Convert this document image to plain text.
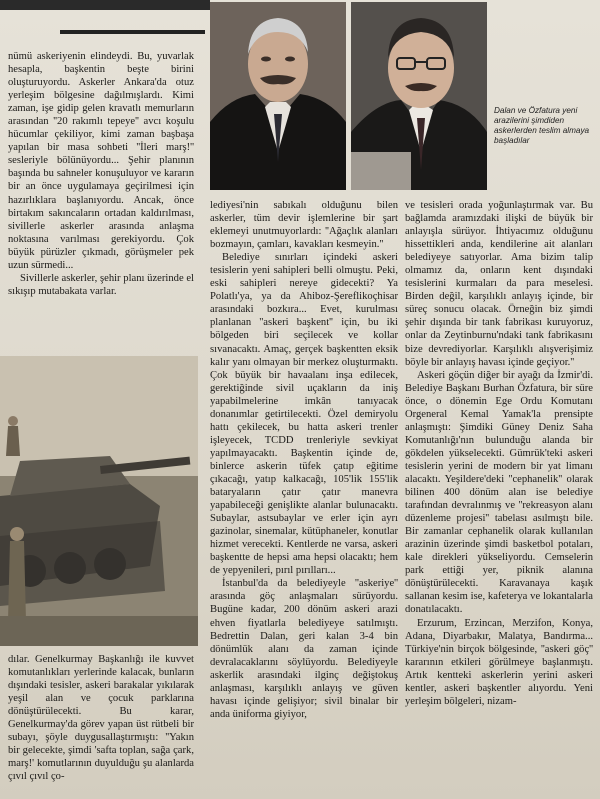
Dalan ve Özfatura yeni arazilerini şimdiden askerlerden teslim almaya başladılar

nümü askeriyenin elindeydi. Bu, yuvarlak hesapla, başkentin beşte birini oluşturuyordu. Askerler Ankara'da otuz yerleşim bölgesine dağılmışlardı. Kimi zaman, işe gidip gelen kravatlı memurların arasından ''20 rakımlı tepeye'' avcı koşulu hücumlar çekiliyor, kimi zaman başbaşa yapılan bir masa sohbeti ''İleri marş!'' sesleriyle bölünüyordu... Şehir planının başında bu sahneler konuşuluyor ve kararın bir an önce uygulamaya geçirilmesi için hazırlıklara başlanıyordu. Ancak, önce birtakım sakıncaların ortadan kaldırılması, sivillerle askerler arasında anlaşma noktasına varılması gerekiyordu. Çok büyük pürüzler çıkmadı, görüşmeler pek uzun sürmedi...

Sivillerle askerler, şehir planı üzerinde el sıkışıp mutabakata varlar.

dılar. Genelkurmay Başkanlığı ile kuvvet komutanlıkları yerlerinde kalacak, bunların dışındaki tesisler, askeri barakalar yıkılarak yeşil alan ve çocuk parklarına dönüştürülecekti. Bu karar, Genelkurmay'da görev yapan üst rütbeli bir subayı, şöyle duygusallaştırmıştı: ''Yakın bir gelecekte, şimdi 'safta toplan, sağa çark, marş!' komutlarının duyulduğu şu alanlarda çıvıl çıvıl ço-

lediyesi'nin sabıkalı olduğunu bilen askerler, tüm devir işlemlerine bir şart eklemeyi unutmuyorlardı: ''Ağaçlık alanları bozmayın, çamları, kavakları kesmeyin.''

Belediye sınırları içindeki askeri tesislerin yeni sahipleri belli olmuştu. Peki, eski sahipleri nereye gidecekti? Ya Polatlı'ya, ya da Ahiboz-Şereflikoçhisar arasındaki bozkıra... Evet, kurulması planlanan ''askeri başkent'' için, bu iki bölgeden biri seçilecek ve kollar sıvanacaktı. Amaç, gerçek başkentten eksik kalır yanı olmayan bir merkez oluşturmaktı. Çok büyük bir havaalanı inşa edilecek, gerektiğinde sivil uçakların da iniş yapabilmelerine imkân tanıyacak donanımlar getirtilecekti. Özel demiryolu hattı çekilecek, bu hatta askeri trenler işleyecek, TCDD trenleriyle sevkiyat yapılmayacaktı. Başkentin içinde de, binlerce askerin tüfek çatıp eğitime çıkacağı, yatıp kalkacağı, 105'lik 155'lik bataryaların çatır çatır manevra yapabileceği genişlikte alanlar bulunacaktı. Subaylar, astsubaylar ve erler için ayrı gazinolar, sinemalar, kütüphaneler, konutlar hizmet verecekti. Kentlerde ne varsa, askeri başkentte de hepsi ama hepsi olacaktı; hem de yepyenileri, pırıl pırılları...

İstanbul'da da belediyeyle ''askeriye'' arasında göç anlaşmaları sürüyordu. Bugüne kadar, 200 dönüm askeri arazi ehven fiyatlarla belediyeye satılmıştı. Bedrettin Dalan, geri kalan 3-4 bin dönümlük alanı da zaman içinde devralacaklarını söylüyordu. Belediyeyle askerlik arasındaki ilginç değiştokuş anlaşması, karşılıklı anlayış ve güven havası içinde gelişiyor; sivil binalar bir anda üniforma giyiyor,

ve tesisleri orada yoğunlaştırmak var. Bu bağlamda aramızdaki ilişki de büyük bir anlayışla sürüyor. İhtiyacımız olduğunu hissettikleri anda, kendilerine ait alanları belediyeye satıyorlar. Ama bizim talip olmamız da, onların kent dışındaki tesislerini kurmaları da para meselesi. Birden değil, karşılıklı anlayış içinde, bir süreç sonucu olacak. Örneğin biz şimdi şehir dışında bir tank fabrikası kuruyoruz, onlar da Zeytinburnu'ndaki tank fabrikasını bize devrediyorlar. Karşılıklı alışverişimiz böyle bir anlayış havası içinde geçiyor.''

Askeri göçün diğer bir ayağı da İzmir'di. Belediye Başkanı Burhan Özfatura, bir süre önce, o dönemin Ege Ordu Komutanı Orgeneral Kemal Yamak'la prensipte anlaşmıştı: Şimdiki Güney Deniz Saha Komutanlığı'nın bulunduğu alanda bir gökdelen yükselecekti. Gümrük'teki askeri tesislerin yerini de modern bir yat limanı alacaktı. Yeşildere'deki ''cephanelik'' olarak bilinen 400 dönüm alan ise belediye tarafından devralınmış ve ''rekreasyon alanı düzenleme projesi'' tabelası asılmıştı bile. Bir zamanlar cephanelik olarak kullanılan arazinin üzerinde şimdi basketbol potaları, kale direkleri yükseliyordu. Cemselerin park ettiği yer, piknik alanına dönüştürülecekti. Karavanaya kaşık sallanan kesim ise, kafeterya ve lokantalarla donatılacaktı.

Erzurum, Erzincan, Merzifon, Konya, Adana, Diyarbakır, Malatya, Bandırma... Türkiye'nin birçok bölgesinde, ''askeri göç'' kararının etkileri görülmeye başlanmıştı. Artık kentteki askerlerin yerini askeri kentler, askeri başkentler alıyordu. Yeni yerleşim bölgeleri, nizam-
